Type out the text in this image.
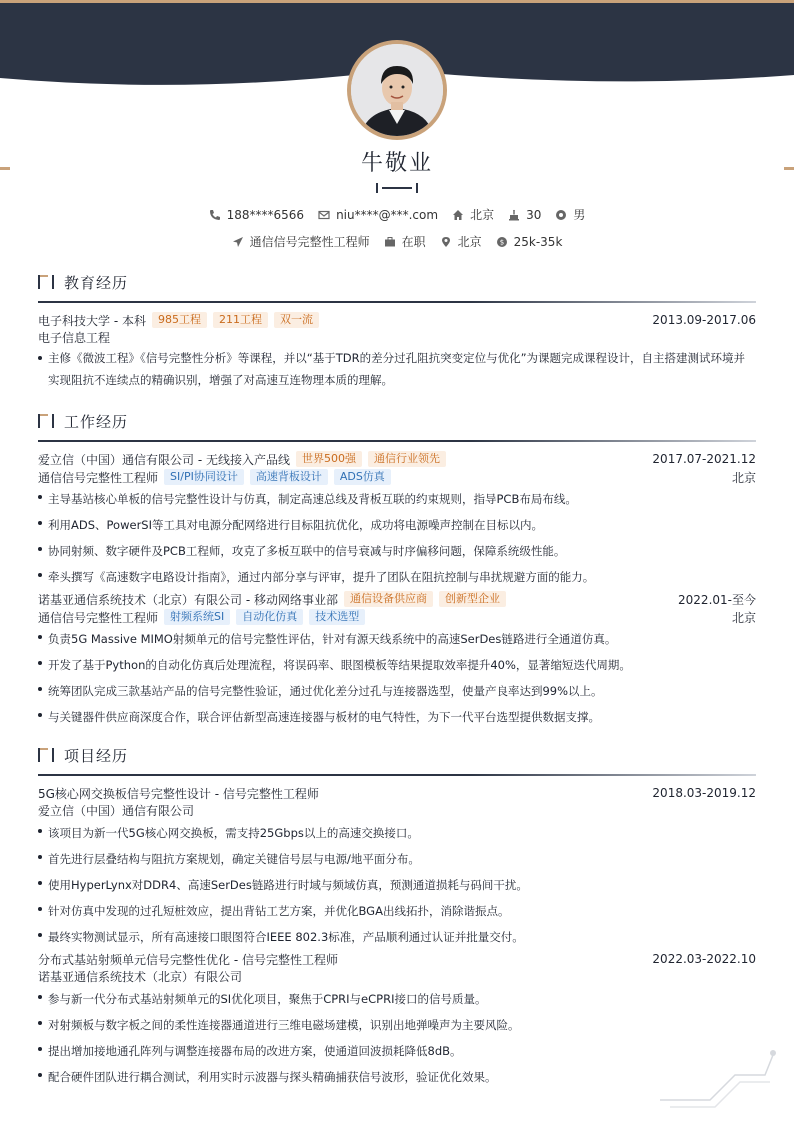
牛敬业
188****6566	niu****@***.com	北京	30	男
通信信号完整性工程师	在职	北京	$ 25k-35k
教育经历
电子科技大学 - 本科	985工程	211工程	双一流	2013.09-2017.06
电子信息工程
主修《微波工程》《信号完整性分析》等课程，并以“基于TDR的差分过孔阻抗突变定位与优化”为课题完成课程设计，自主搭建测试环境并实现阻抗不连续点的精确识别，增强了对高速互连物理本质的理解。
工作经历
爱立信（中国）通信有限公司 - 无线接入产品线	世界500强	通信行业领先	2017.07-2021.12
通信信号完整性工程师	SI/PI协同设计	高速背板设计	ADS仿真	北京
主导基站核心单板的信号完整性设计与仿真，制定高速总线及背板互联的约束规则，指导PCB布局布线。
利用ADS、PowerSI等工具对电源分配网络进行目标阻抗优化，成功将电源噪声控制在目标以内。
协同射频、数字硬件及PCB工程师，攻克了多板互联中的信号衰减与时序偏移问题，保障系统级性能。
牵头撰写《高速数字电路设计指南》，通过内部分享与评审，提升了团队在阻抗控制与串扰规避方面的能力。
诺基亚通信系统技术（北京）有限公司 - 移动网络事业部	通信设备供应商	创新型企业	2022.01-至今
通信信号完整性工程师	射频系统SI	自动化仿真	技术选型	北京
负责5G Massive MIMO射频单元的信号完整性评估，针对有源天线系统中的高速SerDes链路进行全通道仿真。
开发了基于Python的自动化仿真后处理流程，将误码率、眼图模板等结果提取效率提升40%，显著缩短迭代周期。
统筹团队完成三款基站产品的信号完整性验证，通过优化差分过孔与连接器选型，使量产良率达到99%以上。
与关键器件供应商深度合作，联合评估新型高速连接器与板材的电气特性，为下一代平台选型提供数据支撑。
项目经历
5G核心网交换板信号完整性设计 - 信号完整性工程师	2018.03-2019.12
爱立信（中国）通信有限公司
该项目为新一代5G核心网交换板，需支持25Gbps以上的高速交换接口。
首先进行层叠结构与阻抗方案规划，确定关键信号层与电源/地平面分布。
使用HyperLynx对DDR4、高速SerDes链路进行时域与频域仿真，预测通道损耗与码间干扰。
针对仿真中发现的过孔短桩效应，提出背钻工艺方案，并优化BGA出线拓扑，消除谐振点。
最终实物测试显示，所有高速接口眼图符合IEEE 802.3标准，产品顺利通过认证并批量交付。
分布式基站射频单元信号完整性优化 - 信号完整性工程师	2022.03-2022.10
诺基亚通信系统技术（北京）有限公司
参与新一代分布式基站射频单元的SI优化项目，聚焦于CPRI与eCPRI接口的信号质量。
对射频板与数字板之间的柔性连接器通道进行三维电磁场建模，识别出地弹噪声为主要风险。
提出增加接地通孔阵列与调整连接器布局的改进方案，使通道回波损耗降低8dB。
配合硬件团队进行耦合测试，利用实时示波器与探头精确捕获信号波形，验证优化效果。
